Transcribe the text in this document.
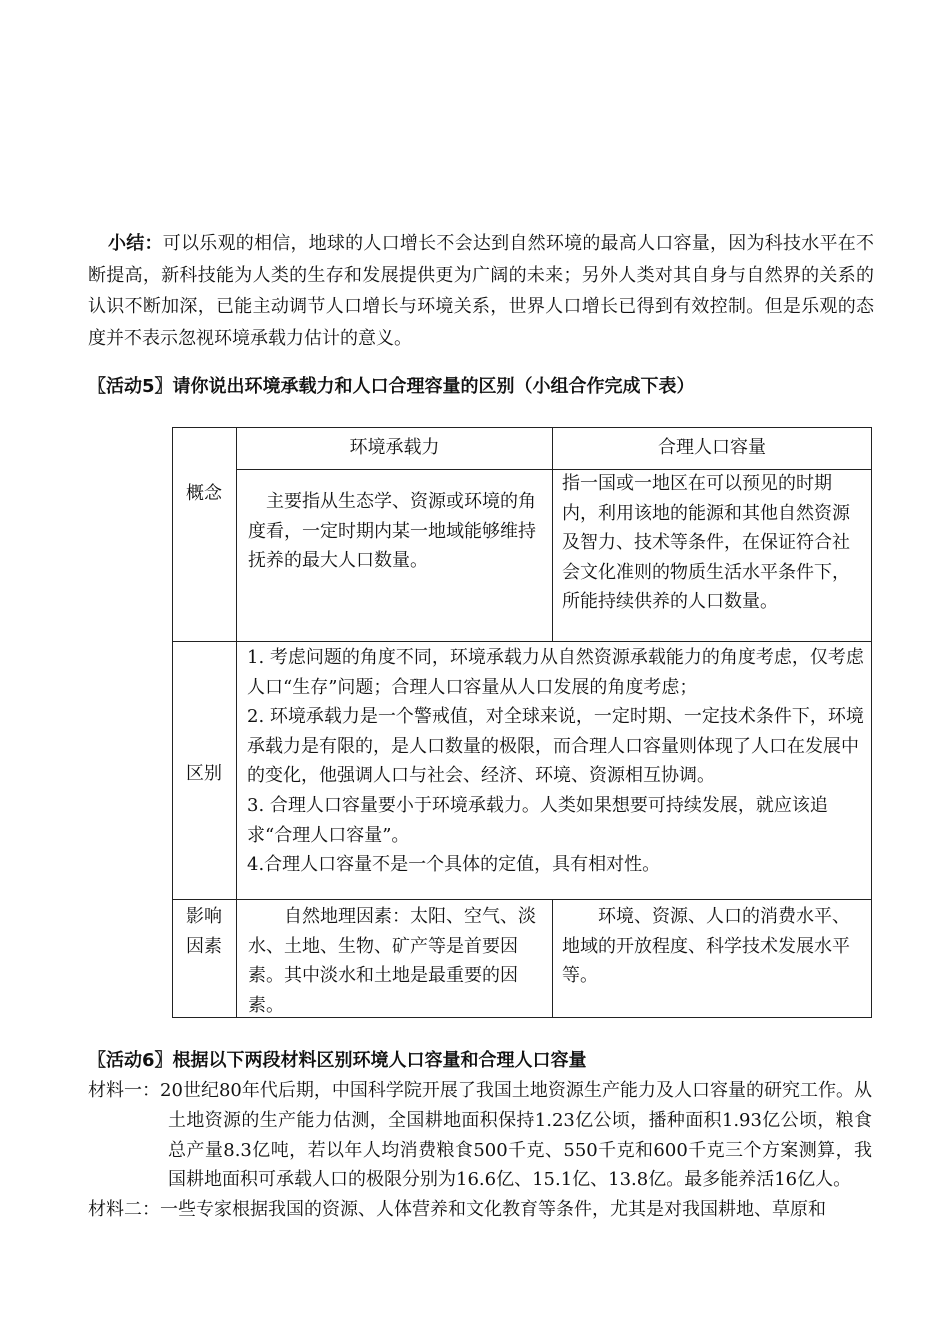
小结：可以乐观的相信，地球的人口增长不会达到自然环境的最高人口容量，因为科技水平在不断提高，新科技能为人类的生存和发展提供更为广阔的未来；另外人类对其自身与自然界的关系的认识不断加深，已能主动调节人口增长与环境关系，世界人口增长已得到有效控制。但是乐观的态度并不表示忽视环境承载力估计的意义。
〖活动5〗请你说出环境承载力和人口合理容量的区别（小组合作完成下表）
环境承载力	合理人口容量
概念	主要指从生态学、资源或环境的角度看，一定时期内某一地域能够维持抚养的最大人口数量。
指一国或一地区在可以预见的时期内，利用该地的能源和其他自然资源及智力、技术等条件，在保证符合社会文化准则的物质生活水平条件下，所能持续供养的人口数量。
区别
1. 考虑问题的角度不同，环境承载力从自然资源承载能力的角度考虑，仅考虑人口“生存”问题；合理人口容量从人口发展的角度考虑；
2. 环境承载力是一个警戒值，对全球来说，一定时期、一定技术条件下，环境承载力是有限的，是人口数量的极限，而合理人口容量则体现了人口在发展中的变化，他强调人口与社会、经济、环境、资源相互协调。
3. 合理人口容量要小于环境承载力。人类如果想要可持续发展，就应该追求“合理人口容量”。
4.合理人口容量不是一个具体的定值，具有相对性。
影响
因素
自然地理因素：太阳、空气、淡水、土地、生物、矿产等是首要因素。其中淡水和土地是最重要的因素。
环境、资源、人口的消费水平、地域的开放程度、科学技术发展水平等。
〖活动6〗根据以下两段材料区别环境人口容量和合理人口容量
材料一：20世纪80年代后期，中国科学院开展了我国土地资源生产能力及人口容量的研究工作。从土地资源的生产能力估测，全国耕地面积保持1.23亿公顷，播种面积1.93亿公顷，粮食总产量8.3亿吨，若以年人均消费粮食500千克、550千克和600千克三个方案测算，我国耕地面积可承载人口的极限分别为16.6亿、15.1亿、13.8亿。最多能养活16亿人。
材料二：一些专家根据我国的资源、人体营养和文化教育等条件，尤其是对我国耕地、草原和
